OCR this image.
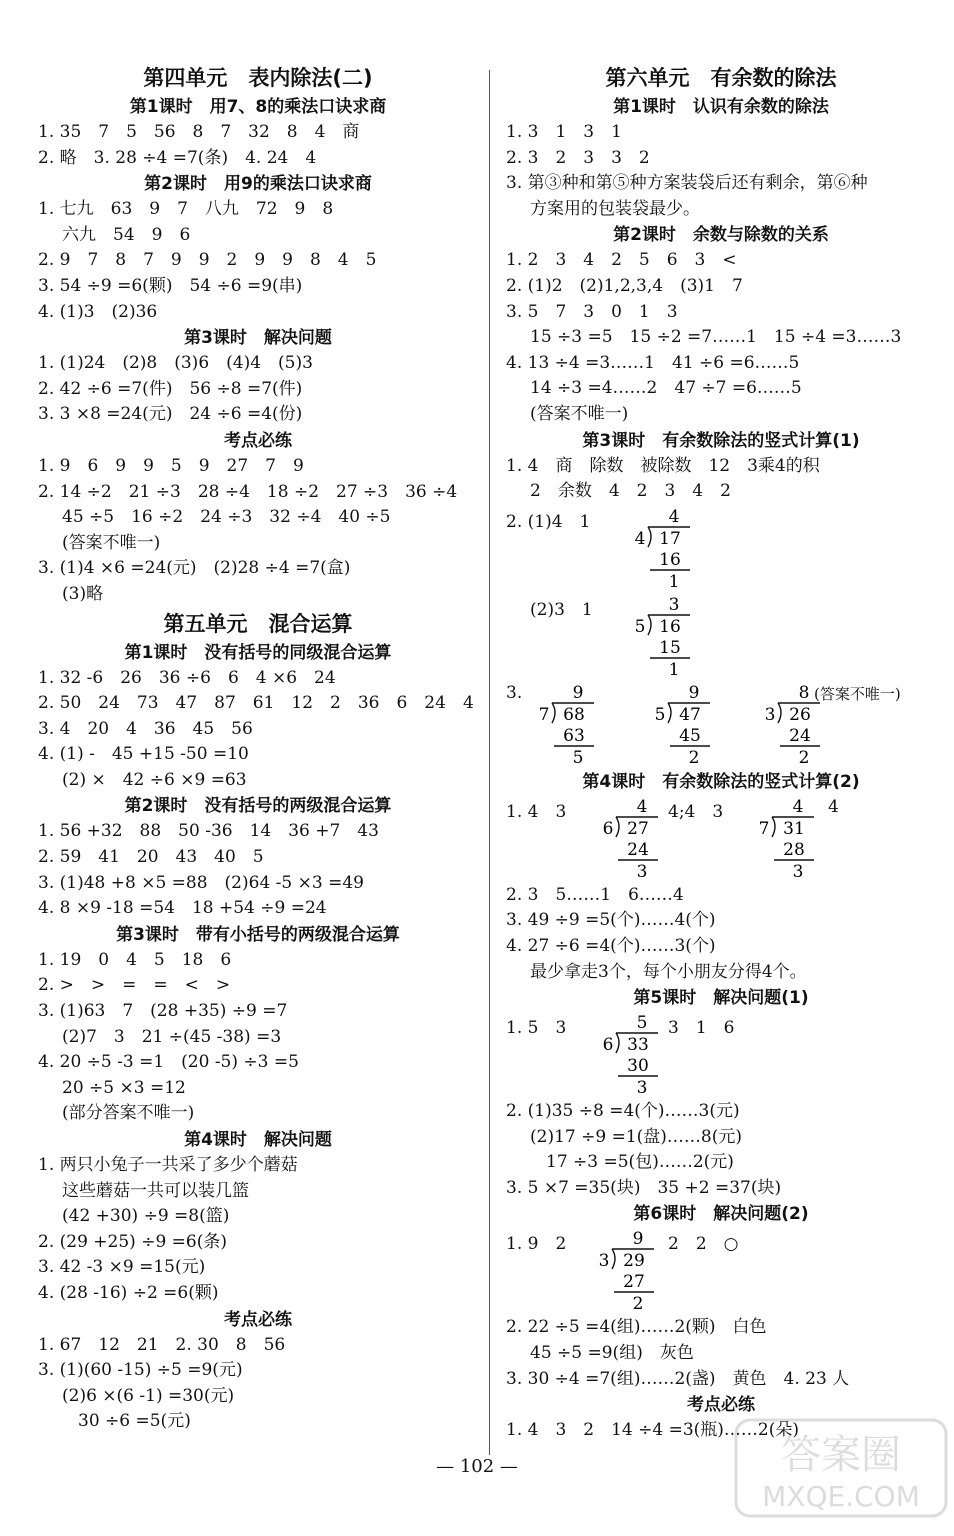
第四单元　表内除法(二)
第1课时　用7、8的乘法口诀求商
1. 35　7　5　56　8　7　32　8　4　商
2. 略　3. 28 ÷4 =7(条)　4. 24　4
第2课时　用9的乘法口诀求商
1. 七九　63　9　7　八九　72　9　8
六九　54　9　6
2. 9　7　8　7　9　9　2　9　9　8　4　5
3. 54 ÷9 =6(颗)　54 ÷6 =9(串)
4. (1)3　(2)36
第3课时　解决问题
1. (1)24　(2)8　(3)6　(4)4　(5)3
2. 42 ÷6 =7(件)　56 ÷8 =7(件)
3. 3 ×8 =24(元)　24 ÷6 =4(份)
考点必练
1. 9　6　9　9　5　9　27　7　9
2. 14 ÷2　21 ÷3　28 ÷4　18 ÷2　27 ÷3　36 ÷4
45 ÷5　16 ÷2　24 ÷3　32 ÷4　40 ÷5
(答案不唯一)
3. (1)4 ×6 =24(元)　(2)28 ÷4 =7(盒)
(3)略
第五单元　混合运算
第1课时　没有括号的同级混合运算
1. 32 -6　26　36 ÷6　6　4 ×6　24
2. 50　24　73　47　87　61　12　2　36　6　24　4
3. 4　20　4　36　45　56
4. (1) -　45 +15 -50 =10
(2) ×　42 ÷6 ×9 =63
第2课时　没有括号的两级混合运算
1. 56 +32　88　50 -36　14　36 +7　43
2. 59　41　20　43　40　5
3. (1)48 +8 ×5 =88　(2)64 -5 ×3 =49
4. 8 ×9 -18 =54　18 +54 ÷9 =24
第3课时　带有小括号的两级混合运算
1. 19　0　4　5　18　6
2. >　>　=　=　<　>
3. (1)63　7　(28 +35) ÷9 =7
(2)7　3　21 ÷(45 -38) =3
4. 20 ÷5 -3 =1　(20 -5) ÷3 =5
20 ÷5 ×3 =12
(部分答案不唯一)
第4课时　解决问题
1. 两只小兔子一共采了多少个蘑菇
这些蘑菇一共可以装几篮
(42 +30) ÷9 =8(篮)
2. (29 +25) ÷9 =6(条)
3. 42 -3 ×9 =15(元)
4. (28 -16) ÷2 =6(颗)
考点必练
1. 67　12　21　2. 30　8　56
3. (1)(60 -15) ÷5 =9(元)
(2)6 ×(6 -1) =30(元)
30 ÷6 =5(元)
第六单元　有余数的除法
第1课时　认识有余数的除法
1. 3　1　3　1
2. 3　2　3　3　2
3. 第③种和第⑤种方案装袋后还有剩余，第⑥种
方案用的包装袋最少。
第2课时　余数与除数的关系
1. 2　3　4　2　5　6　3　<
2. (1)2　(2)1,2,3,4　(3)1　7
3. 5　7　3　0　1　3
15 ÷3 =5　15 ÷2 =7……1　15 ÷4 =3……3
4. 13 ÷4 =3……1　41 ÷6 =6……5
14 ÷3 =4……2　47 ÷7 =6……5
(答案不唯一)
第3课时　有余数除法的竖式计算(1)
1. 4　商　除数　被除数　12　3乘4的积
2　余数　4　2　3　4　2

2. (1)4　1

	4
4 17
16
1

(2)3　1

	3
5 16
15
1

3.

	9
7 68
63
5

9
5 47
45
2

8
3 26
24
2

(答案不唯一)

第4课时　有余数除法的竖式计算(2)

1. 4　3

	4
6 27
24
3

4;4　3

	4
7 31
28
3

4

2. 3　5……1　6……4
3. 49 ÷9 =5(个)……4(个)
4. 27 ÷6 =4(个)……3(个)
最少拿走3个，每个小朋友分得4个。
第5课时　解决问题(1)

1. 5　3

	5
6 33
30
3

3　1　6

2. (1)35 ÷8 =4(个)……3(元)
(2)17 ÷9 =1(盘)……8(元)
17 ÷3 =5(包)……2(元)
3. 5 ×7 =35(块)　35 +2 =37(块)
第6课时　解决问题(2)

1. 9　2

	9
3 29
27
2

2　2　○

2. 22 ÷5 =4(组)……2(颗)　白色
45 ÷5 =9(组)　灰色
3. 30 ÷4 =7(组)……2(盏)　黄色　4. 23 人
考点必练
1. 4　3　2　14 ÷4 =3(瓶)……2(朵)
— 102 —	答案圈
MXQE.COM
